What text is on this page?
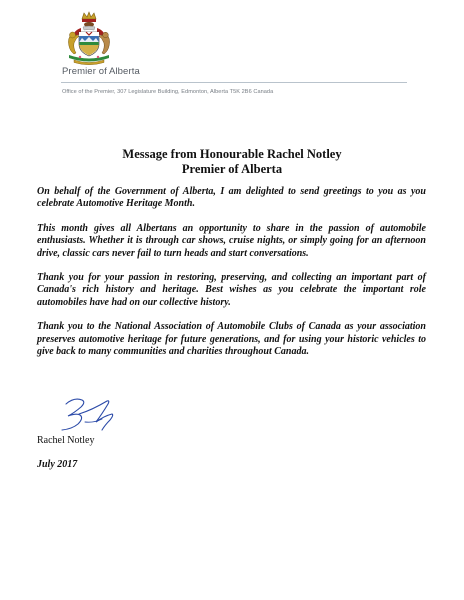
Premier of Alberta
Office of the Premier, 307 Legislature Building, Edmonton, Alberta T5K 2B6 Canada
Message from Honourable Rachel Notley
Premier of Alberta

On behalf of the Government of Alberta, I am delighted to send greetings to you as you celebrate Automotive Heritage Month.

This month gives all Albertans an opportunity to share in the passion of automobile enthusiasts. Whether it is through car shows, cruise nights, or simply going for an afternoon drive, classic cars never fail to turn heads and start conversations.

Thank you for your passion in restoring, preserving, and collecting an important part of Canada's rich history and heritage. Best wishes as you celebrate the important role automobiles have had on our collective history.

Thank you to the National Association of Automobile Clubs of Canada as your association preserves automotive heritage for future generations, and for using your historic vehicles to give back to many communities and charities throughout Canada.

Rachel Notley
July 2017
